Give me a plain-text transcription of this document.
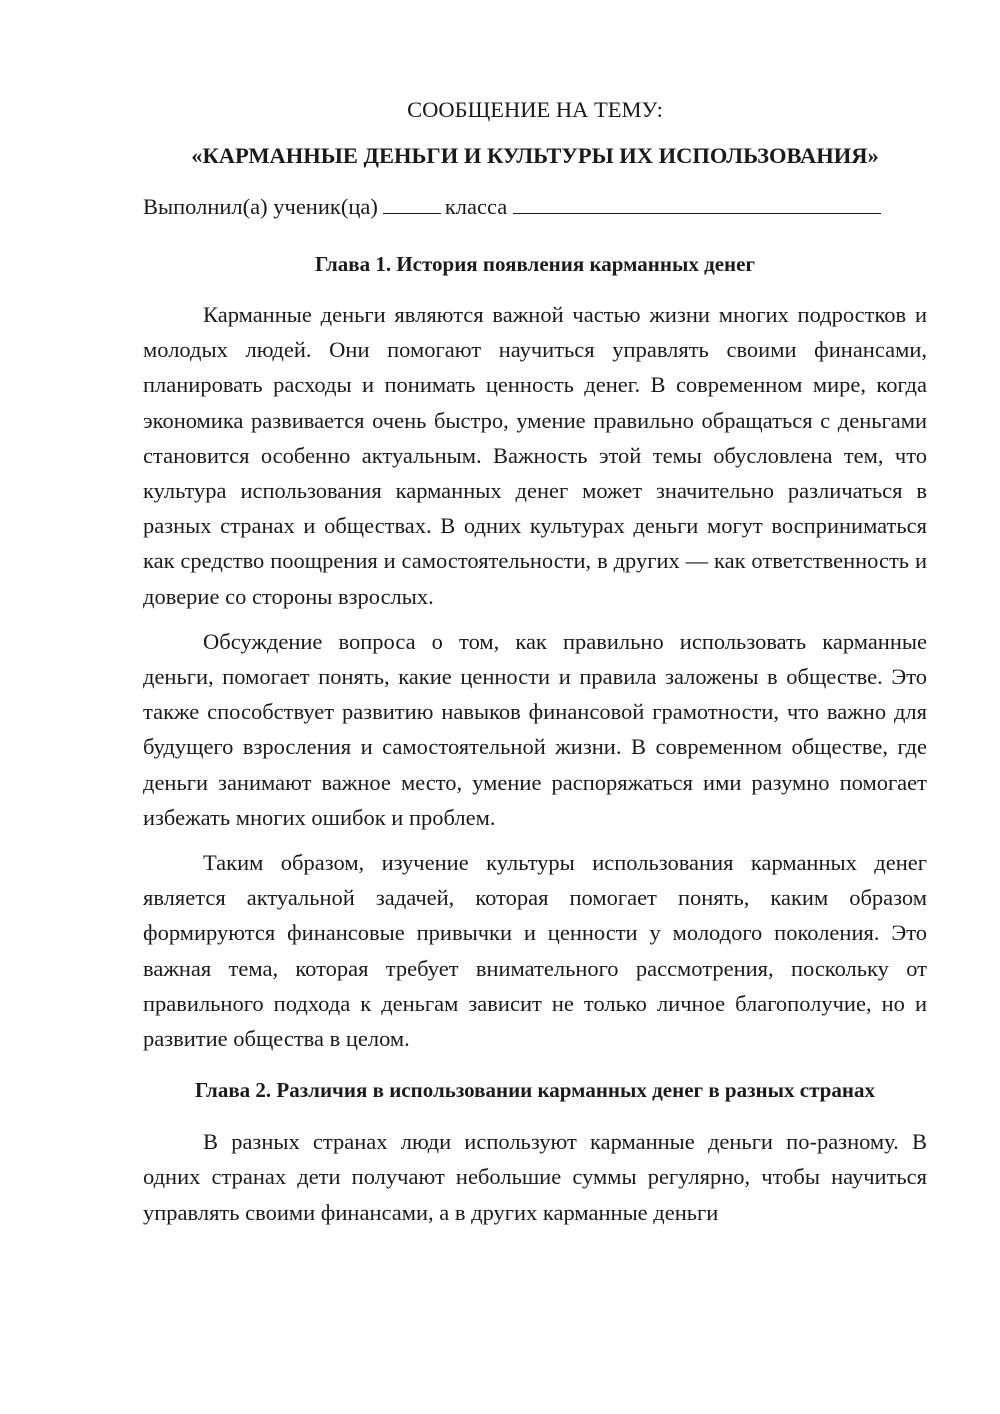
СООБЩЕНИЕ НА ТЕМУ:
«КАРМАННЫЕ ДЕНЬГИ И КУЛЬТУРЫ ИХ ИСПОЛЬЗОВАНИЯ»
Выполнил(а) ученик(ца)	класса
Глава 1. История появления карманных денег

Карманные деньги являются важной частью жизни многих подростков и молодых людей. Они помогают научиться управлять своими финансами, планировать расходы и понимать ценность денег. В современном мире, когда экономика развивается очень быстро, умение правильно обращаться с деньгами становится особенно актуальным. Важность этой темы обусловлена тем, что культура использования карманных денег может значительно различаться в разных странах и обществах. В одних культурах деньги могут восприниматься как средство поощрения и самостоятельности, в других — как ответственность и доверие со стороны взрослых.

Обсуждение вопроса о том, как правильно использовать карманные деньги, помогает понять, какие ценности и правила заложены в обществе. Это также способствует развитию навыков финансовой грамотности, что важно для будущего взросления и самостоятельной жизни. В современном обществе, где деньги занимают важное место, умение распоряжаться ими разумно помогает избежать многих ошибок и проблем.

Таким образом, изучение культуры использования карманных денег является актуальной задачей, которая помогает понять, каким образом формируются финансовые привычки и ценности у молодого поколения. Это важная тема, которая требует внимательного рассмотрения, поскольку от правильного подхода к деньгам зависит не только личное благополучие, но и развитие общества в целом.

Глава 2. Различия в использовании карманных денег в разных странах

В разных странах люди используют карманные деньги по-разному. В одних странах дети получают небольшие суммы регулярно, чтобы научиться управлять своими финансами, а в других карманные деньги
